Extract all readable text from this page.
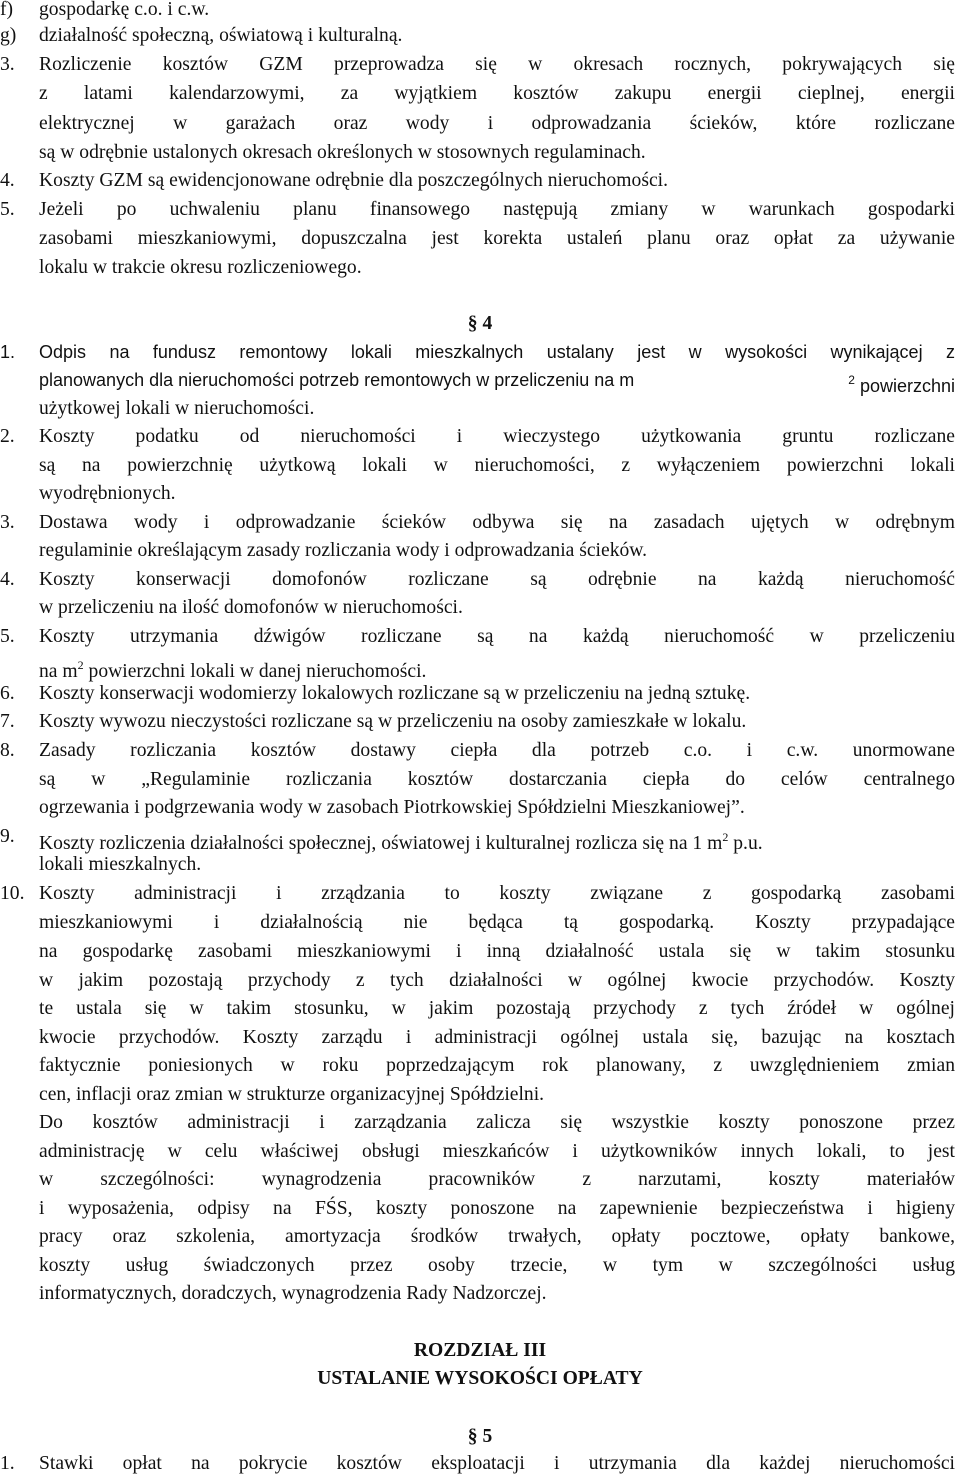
f) gospodarkę c.o. i c.w.
g) działalność społeczną, oświatową i kulturalną.
3. Rozliczenie kosztów GZM przeprowadza się w okresach rocznych, pokrywających się
z latami kalendarzowymi, za wyjątkiem kosztów zakupu energii cieplnej, energii
elektrycznej w garażach oraz wody i odprowadzania ścieków, które rozliczane
są w odrębnie ustalonych okresach określonych w stosownych regulaminach.
4. Koszty GZM są ewidencjonowane odrębnie dla poszczególnych nieruchomości.
5. Jeżeli po uchwaleniu planu finansowego następują zmiany w warunkach gospodarki
zasobami mieszkaniowymi, dopuszczalna jest korekta ustaleń planu oraz opłat za używanie
lokalu w trakcie okresu rozliczeniowego.
§ 4
1. Odpis na fundusz remontowy lokali mieszkalnych ustalany jest w wysokości wynikającej z
planowanych dla nieruchomości potrzeb remontowych w przeliczeniu na m	$^2$ powierzchni
użytkowej lokali w nieruchomości.
2. Koszty podatku od nieruchomości i wieczystego użytkowania gruntu rozliczane
są na powierzchnię użytkową lokali w nieruchomości, z wyłączeniem powierzchni lokali
wyodrębnionych.
3. Dostawa wody i odprowadzanie ścieków odbywa się na zasadach ujętych w odrębnym
regulaminie określającym zasady rozliczania wody i odprowadzania ścieków.
4. Koszty konserwacji domofonów rozliczane są odrębnie na każdą nieruchomość
w przeliczeniu na ilość domofonów w nieruchomości.
5. Koszty utrzymania dźwigów rozliczane są na każdą nieruchomość w przeliczeniu
na $m^2$ powierzchni lokali w danej nieruchomości.
6. Koszty konserwacji wodomierzy lokalowych rozliczane są w przeliczeniu na jedną sztukę.
7. Koszty wywozu nieczystości rozliczane są w przeliczeniu na osoby zamieszkałe w lokalu.
8. Zasady rozliczania kosztów dostawy ciepła dla potrzeb c.o. i c.w. unormowane
są w „Regulaminie rozliczania kosztów dostarczania ciepła do celów centralnego
ogrzewania i podgrzewania wody w zasobach Piotrkowskiej Spółdzielni Mieszkaniowej”.
9. Koszty rozliczenia działalności społecznej, oświatowej i kulturalnej rozlicza się na 1 $m^2$ p.u.
lokali mieszkalnych.
10. Koszty administracji i zrządzania to koszty związane z gospodarką zasobami
mieszkaniowymi i działalnością nie będąca tą gospodarką. Koszty przypadające
na gospodarkę zasobami mieszkaniowymi i inną działalność ustala się w takim stosunku
w jakim pozostają przychody z tych działalności w ogólnej kwocie przychodów. Koszty
te ustala się w takim stosunku, w jakim pozostają przychody z tych źródeł w ogólnej
kwocie przychodów. Koszty zarządu i administracji ogólnej ustala się, bazując na kosztach
faktycznie poniesionych w roku poprzedzającym rok planowany, z uwzględnieniem zmian
cen, inflacji oraz zmian w strukturze organizacyjnej Spółdzielni.
Do kosztów administracji i zarządzania zalicza się wszystkie koszty ponoszone przez
administrację w celu właściwej obsługi mieszkańców i użytkowników innych lokali, to jest
w szczególności: wynagrodzenia pracowników z narzutami, koszty materiałów
i wyposażenia, odpisy na FŚS, koszty ponoszone na zapewnienie bezpieczeństwa i higieny
pracy oraz szkolenia, amortyzacja środków trwałych, opłaty pocztowe, opłaty bankowe,
koszty usług świadczonych przez osoby trzecie, w tym w szczególności usług
informatycznych, doradczych, wynagrodzenia Rady Nadzorczej.
ROZDZIAŁ III
USTALANIE WYSOKOŚCI OPŁATY
§ 5
1. Stawki opłat na pokrycie kosztów eksploatacji i utrzymania dla każdej nieruchomości
